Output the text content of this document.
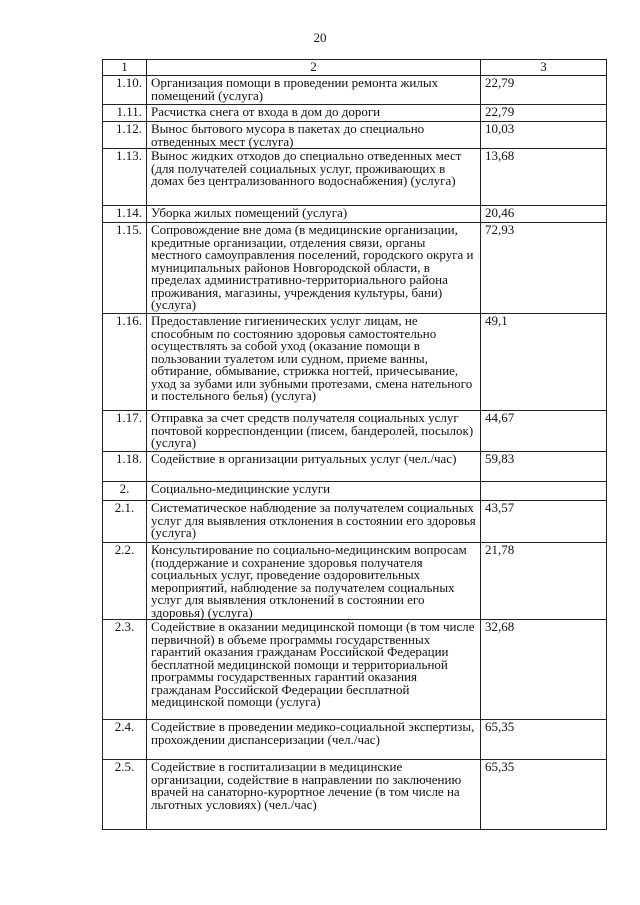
20
1	2	3
1.10.	Организация помощи в проведении ремонта жилых помещений (услуга)	22,79
1.11.	Расчистка снега от входа в дом до дороги	22,79
1.12.	Вынос бытового мусора в пакетах до специально отведенных мест (услуга)	10,03
1.13.	Вынос жидких отходов до специально отведенных мест (для получателей социальных услуг, проживающих в домах без централизованного водоснабжения) (услуга)	13,68
1.14.	Уборка жилых помещений (услуга)	20,46
1.15.	Сопровождение вне дома (в медицинские организации, кредитные организации, отделения связи, органы местного самоуправления поселений, городского округа и муниципальных районов Новгородской области, в пределах административно-территориального района проживания, магазины, учреждения культуры, бани) (услуга)	72,93
1.16.	Предоставление гигиенических услуг лицам, не способным по состоянию здоровья самостоятельно осуществлять за собой уход (оказание помощи в пользовании туалетом или судном, приеме ванны, обтирание, обмывание, стрижка ногтей, причесывание, уход за зубами или зубными протезами, смена нательного и постельного белья) (услуга)	49,1
1.17.	Отправка за счет средств получателя социальных услуг почтовой корреспонденции (писем, бандеролей, посылок) (услуга)	44,67
1.18.	Содействие в организации ритуальных услуг (чел./час)	59,83
2.	Социально-медицинские услуги	
2.1.	Систематическое наблюдение за получателем социальных услуг для выявления отклонения в состоянии его здоровья (услуга)	43,57
2.2.	Консультирование по социально-медицинским вопросам (поддержание и сохранение здоровья получателя социальных услуг, проведение оздоровительных мероприятий, наблюдение за получателем социальных услуг для выявления отклонений в состоянии его здоровья) (услуга)	21,78
2.3.	Содействие в оказании медицинской помощи (в том числе первичной) в объеме программы государственных гарантий оказания гражданам Российской Федерации бесплатной медицинской помощи и территориальной программы государственных гарантий оказания гражданам Российской Федерации бесплатной медицинской помощи (услуга)	32,68
2.4.	Содействие в проведении медико-социальной экспертизы, прохождении диспансеризации (чел./час)	65,35
2.5.	Содействие в госпитализации в медицинские организации, содействие в направлении по заключению врачей на санаторно-курортное лечение (в том числе на льготных условиях) (чел./час)	65,35
